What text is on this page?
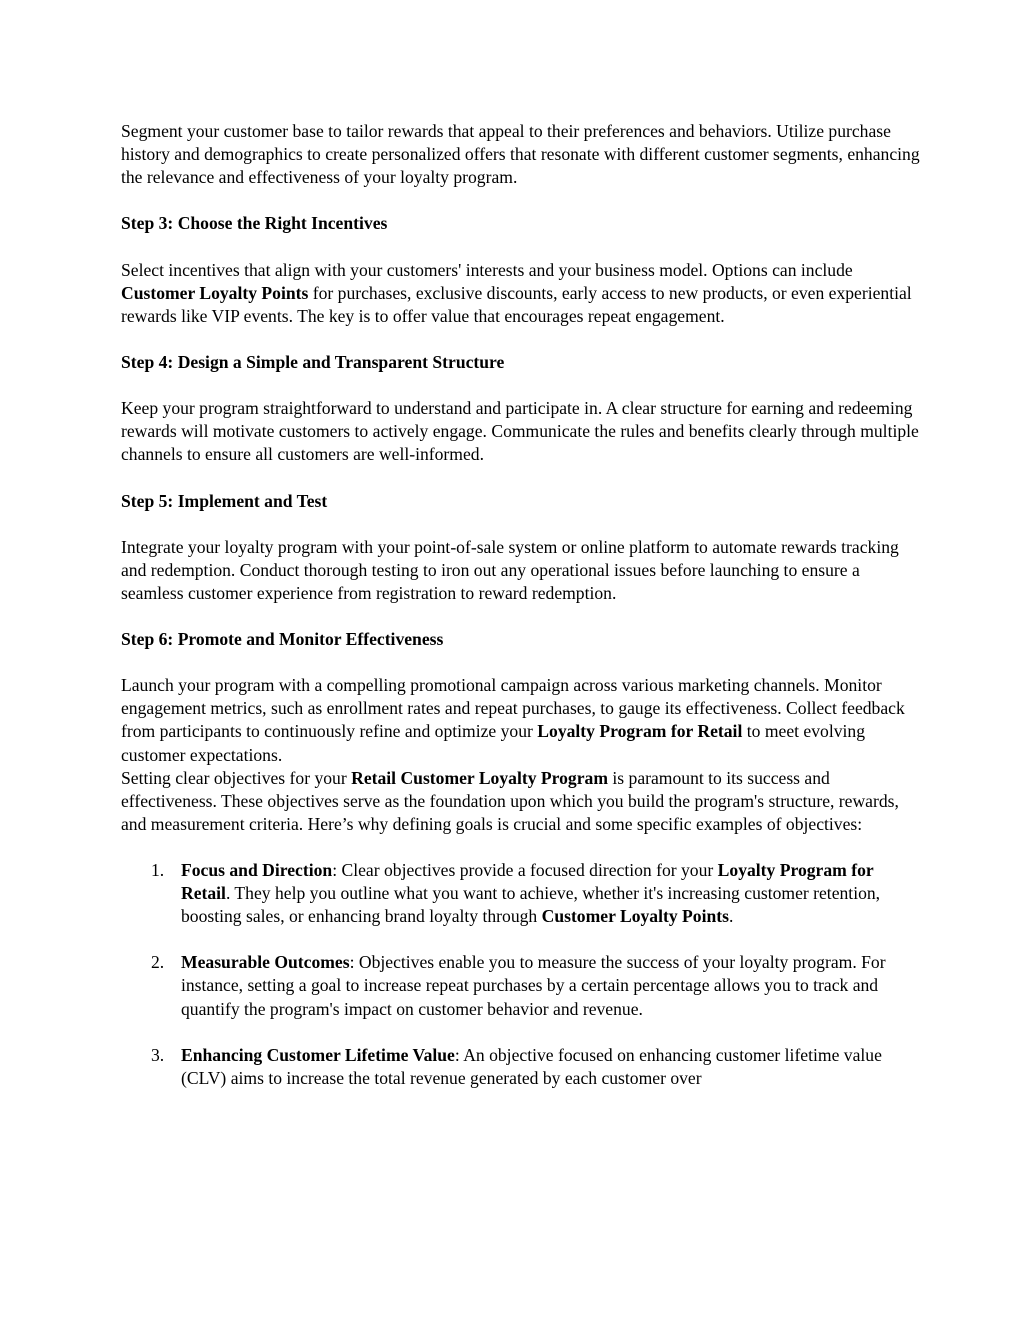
Segment your customer base to tailor rewards that appeal to their preferences and behaviors. Utilize purchase history and demographics to create personalized offers that resonate with different customer segments, enhancing the relevance and effectiveness of your loyalty program.

Step 3: Choose the Right Incentives

Select incentives that align with your customers' interests and your business model. Options can include Customer Loyalty Points for purchases, exclusive discounts, early access to new products, or even experiential rewards like VIP events. The key is to offer value that encourages repeat engagement.

Step 4: Design a Simple and Transparent Structure

Keep your program straightforward to understand and participate in. A clear structure for earning and redeeming rewards will motivate customers to actively engage. Communicate the rules and benefits clearly through multiple channels to ensure all customers are well-informed.

Step 5: Implement and Test

Integrate your loyalty program with your point-of-sale system or online platform to automate rewards tracking and redemption. Conduct thorough testing to iron out any operational issues before launching to ensure a seamless customer experience from registration to reward redemption.

Step 6: Promote and Monitor Effectiveness

Launch your program with a compelling promotional campaign across various marketing channels. Monitor engagement metrics, such as enrollment rates and repeat purchases, to gauge its effectiveness. Collect feedback from participants to continuously refine and optimize your Loyalty Program for Retail to meet evolving customer expectations.

Setting clear objectives for your Retail Customer Loyalty Program is paramount to its success and effectiveness. These objectives serve as the foundation upon which you build the program's structure, rewards, and measurement criteria. Here’s why defining goals is crucial and some specific examples of objectives:

1. Focus and Direction: Clear objectives provide a focused direction for your Loyalty Program for Retail. They help you outline what you want to achieve, whether it's increasing customer retention, boosting sales, or enhancing brand loyalty through Customer Loyalty Points.
2. Measurable Outcomes: Objectives enable you to measure the success of your loyalty program. For instance, setting a goal to increase repeat purchases by a certain percentage allows you to track and quantify the program's impact on customer behavior and revenue.
3. Enhancing Customer Lifetime Value: An objective focused on enhancing customer lifetime value (CLV) aims to increase the total revenue generated by each customer over
